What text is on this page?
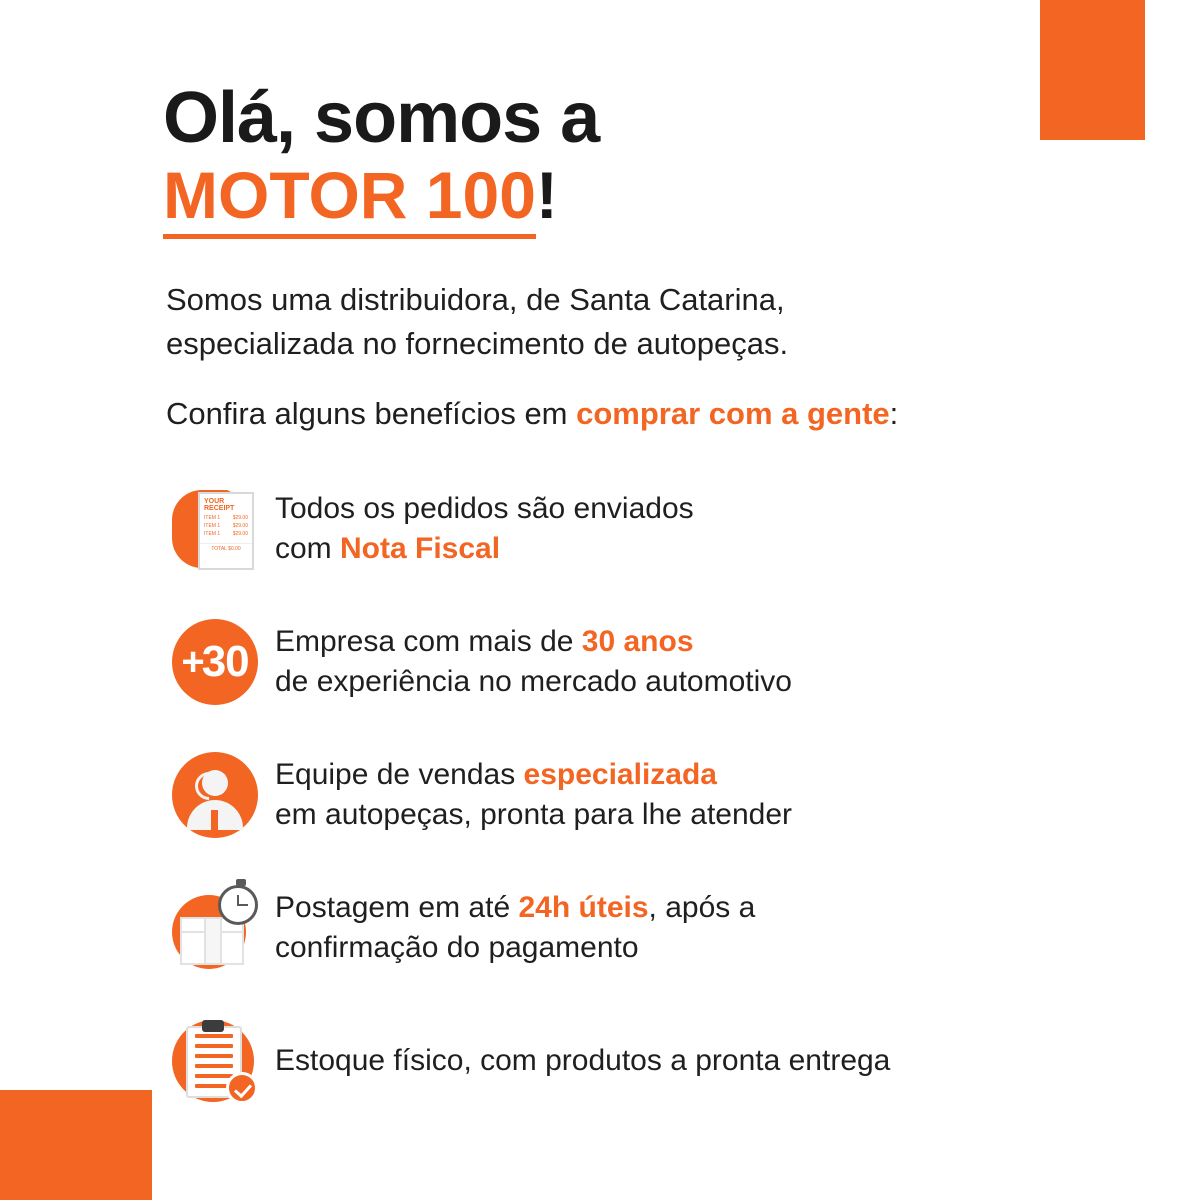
Olá, somos a
MOTOR 100!
Somos uma distribuidora, de Santa Catarina,
especializada no fornecimento de autopeças.
Confira alguns benefícios em comprar com a gente:
YOUR RECEIPT
ITEM 1	$29.00
ITEM 1	$29.00
ITEM 1	$29.00
TOTAL $0.00
Todos os pedidos são enviados
com Nota Fiscal
+
30 Empresa com mais de 30 anos
de experiência no mercado automotivo
Equipe de vendas especializada
em autopeças, pronta para lhe atender
Postagem em até 24h úteis, após a
confirmação do pagamento
Estoque físico, com produtos a pronta entrega
